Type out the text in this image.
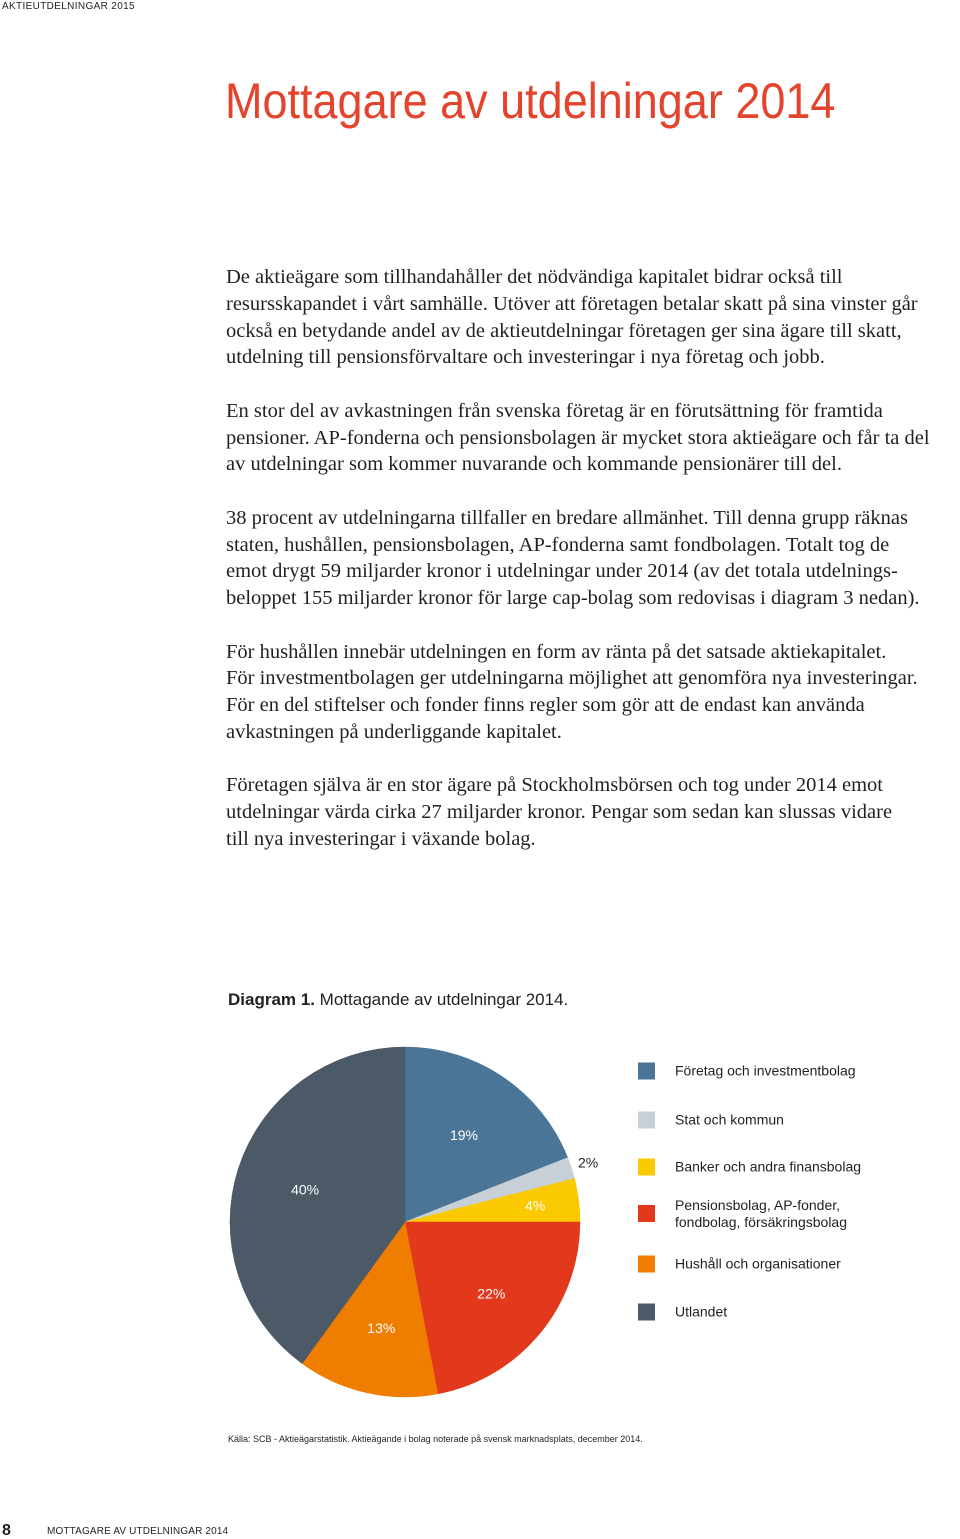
AKTIEUTDELNINGAR 2015
Mottagare av utdelningar 2014

De aktieägare som tillhandahåller det nödvändiga kapitalet bidrar också till
resursskapandet i vårt samhälle. Utöver att företagen betalar skatt på sina vinster går
också en betydande andel av de aktieutdelningar företagen ger sina ägare till skatt,
utdelning till pensionsförvaltare och investeringar i nya företag och jobb.

En stor del av avkastningen från svenska företag är en förutsättning för framtida
pensioner. AP-fonderna och pensionsbolagen är mycket stora aktieägare och får ta del
av utdelningar som kommer nuvarande och kommande pensionärer till del.

38 procent av utdelningarna tillfaller en bredare allmänhet. Till denna grupp räknas
staten, hushållen, pensionsbolagen, AP-fonderna samt fondbolagen. Totalt tog de
emot drygt 59 miljarder kronor i utdelningar under 2014 (av det totala utdelnings-
beloppet 155 miljarder kronor för large cap-bolag som redovisas i diagram 3 nedan).

För hushållen innebär utdelningen en form av ränta på det satsade aktiekapitalet.
För investmentbolagen ger utdelningarna möjlighet att genomföra nya investeringar.
För en del stiftelser och fonder finns regler som gör att de endast kan använda
avkastningen på underliggande kapitalet.

Företagen själva är en stor ägare på Stockholmsbörsen och tog under 2014 emot
utdelningar värda cirka 27 miljarder kronor. Pengar som sedan kan slussas vidare
till nya investeringar i växande bolag.

Diagram 1. Mottagande av utdelningar 2014.
19%
2%
4%
22%
13%
40%
Företag och investmentbolag
Stat och kommun
Banker och andra finansbolag
Pensionsbolag, AP-fonder, fondbolag, försäkringsbolag
Hushåll och organisationer
Utlandet
Källa: SCB - Aktieägarstatistik. Aktieägande i bolag noterade på svensk marknadsplats, december 2014.
8	MOTTAGARE AV UTDELNINGAR 2014
